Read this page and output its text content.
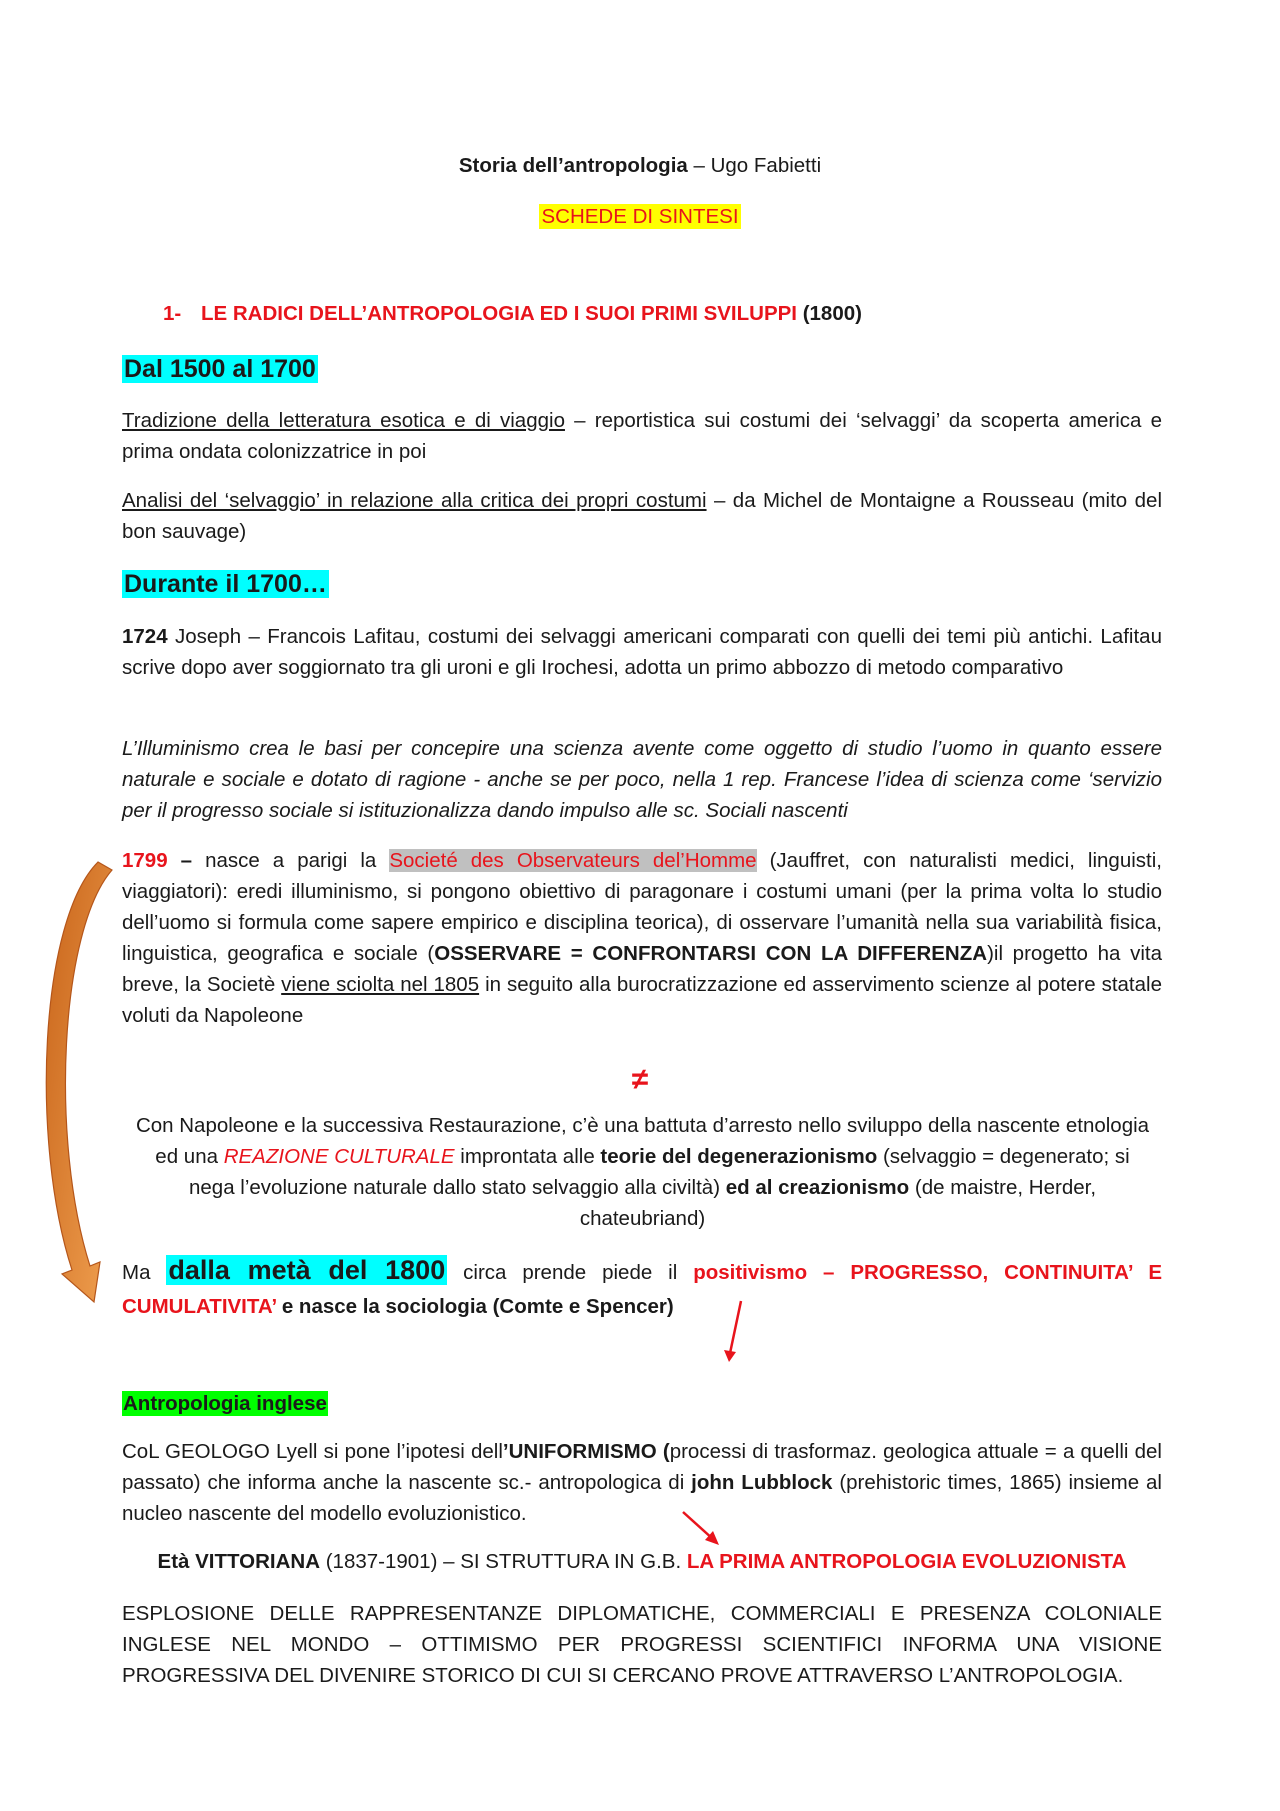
Storia dell’antropologia – Ugo Fabietti
SCHEDE DI SINTESI
1- LE RADICI DELL’ANTROPOLOGIA ED I SUOI PRIMI SVILUPPI (1800)
Dal 1500 al 1700
Tradizione della letteratura esotica e di viaggio – reportistica sui costumi dei ‘selvaggi’ da scoperta america e prima ondata colonizzatrice in poi
Analisi del ‘selvaggio’ in relazione alla critica dei propri costumi – da Michel de Montaigne a Rousseau (mito del bon sauvage)
Durante il 1700…
1724 Joseph – Francois Lafitau, costumi dei selvaggi americani comparati con quelli dei temi più antichi. Lafitau scrive dopo aver soggiornato tra gli uroni e gli Irochesi, adotta un primo abbozzo di metodo comparativo
L’Illuminismo crea le basi per concepire una scienza avente come oggetto di studio l’uomo in quanto essere naturale e sociale e dotato di ragione - anche se per poco, nella 1 rep. Francese l’idea di scienza come ‘servizio per il progresso sociale si istituzionalizza dando impulso alle sc. Sociali nascenti
1799 – nasce a parigi la Societé des Observateurs del’Homme (Jauffret, con naturalisti medici, linguisti, viaggiatori): eredi illuminismo, si pongono obiettivo di paragonare i costumi umani (per la prima volta lo studio dell’uomo si formula come sapere empirico e disciplina teorica), di osservare l’umanità nella sua variabilità fisica, linguistica, geografica e sociale (OSSERVARE = CONFRONTARSI CON LA DIFFERENZA)il progetto ha vita breve, la Societè viene sciolta nel 1805 in seguito alla burocratizzazione ed asservimento scienze al potere statale voluti da Napoleone
≠
Con Napoleone e la successiva Restaurazione, c’è una battuta d’arresto nello sviluppo della nascente etnologia ed una REAZIONE CULTURALE improntata alle teorie del degenerazionismo (selvaggio = degenerato; si nega l’evoluzione naturale dallo stato selvaggio alla civiltà) ed al creazionismo (de maistre, Herder, chateubriand)
Ma dalla metà del 1800 circa prende piede il positivismo – PROGRESSO, CONTINUITA’ E CUMULATIVITA’ e nasce la sociologia (Comte e Spencer)
Antropologia inglese
CoL GEOLOGO Lyell si pone l’ipotesi dell’UNIFORMISMO (processi di trasformaz. geologica attuale = a quelli del passato) che informa anche la nascente sc.- antropologica di john Lubblock (prehistoric times, 1865) insieme al nucleo nascente del modello evoluzionistico.
Età VITTORIANA (1837-1901) – SI STRUTTURA IN G.B. LA PRIMA ANTROPOLOGIA EVOLUZIONISTA
ESPLOSIONE DELLE RAPPRESENTANZE DIPLOMATICHE, COMMERCIALI E PRESENZA COLONIALE INGLESE NEL MONDO – OTTIMISMO PER PROGRESSI SCIENTIFICI INFORMA UNA VISIONE PROGRESSIVA DEL DIVENIRE STORICO DI CUI SI CERCANO PROVE ATTRAVERSO L’ANTROPOLOGIA.
